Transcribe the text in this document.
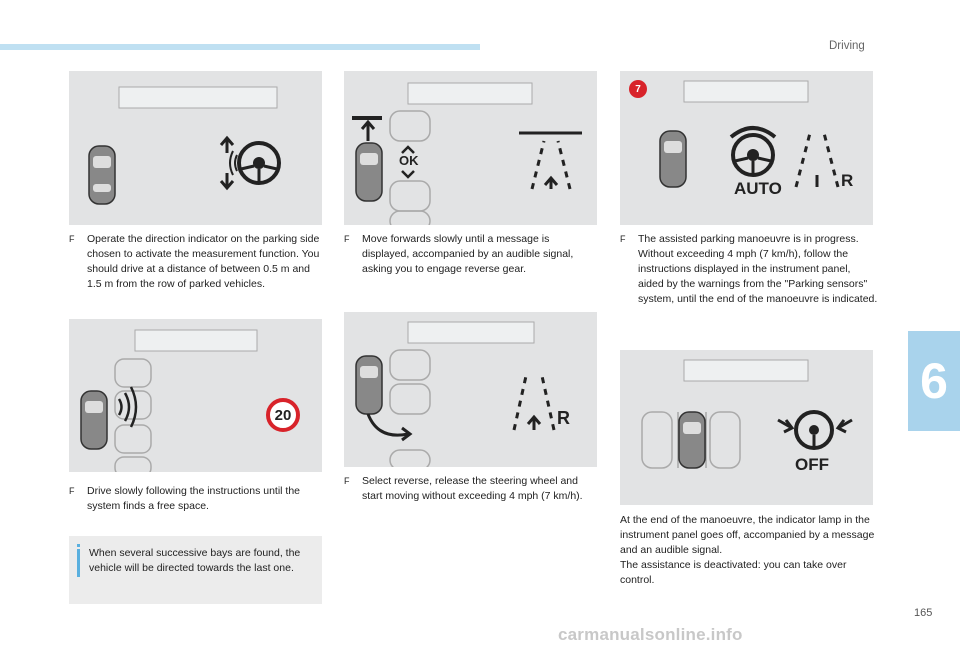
Driving
6
165
20
OK
R
7
AUTO	R
OFF
F	Operate the direction indicator on the parking side chosen to activate the measurement function. You should drive at a distance of between 0.5 m and 1.5 m from the row of parked vehicles.

F	Drive slowly following the instructions until the system finds a free space.

When several successive bays are found, the vehicle will be directed towards the last one.
F	Move forwards slowly until a message is displayed, accompanied by an audible signal, asking you to engage reverse gear.

F	Select reverse, release the steering wheel and start moving without exceeding 4 mph (7 km/h).

F	The assisted parking manoeuvre is in progress.

Without exceeding 4 mph (7 km/h), follow the instructions displayed in the instrument panel, aided by the warnings from the "Parking sensors" system, until the end of the manoeuvre is indicated.

At the end of the manoeuvre, the indicator lamp in the instrument panel goes off, accompanied by a message and an audible signal.

The assistance is deactivated: you can take over control.

carmanualsonline.info
